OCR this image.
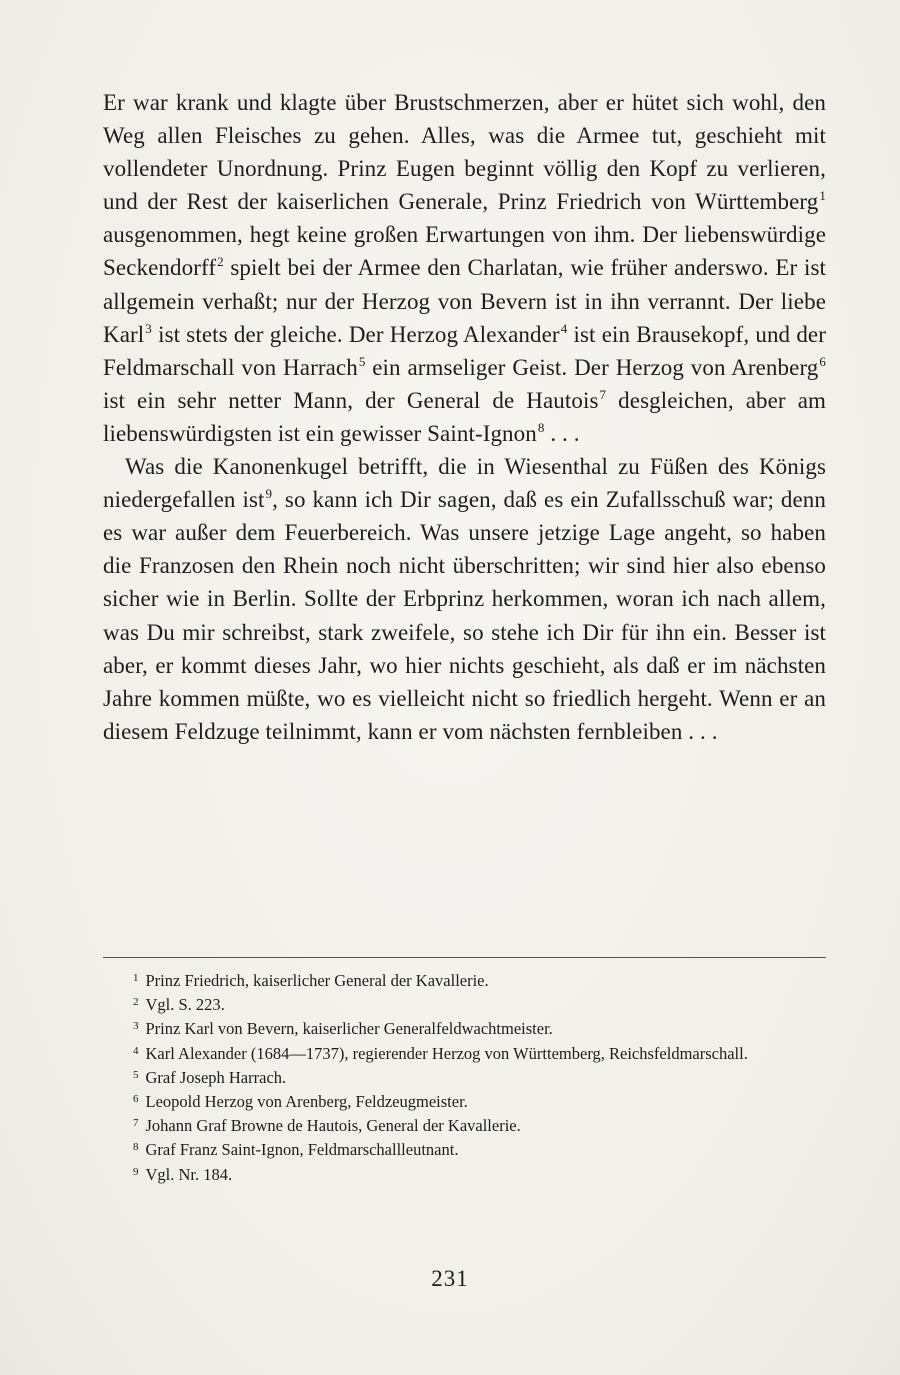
Er war krank und klagte über Brustschmerzen, aber er hütet sich wohl, den Weg allen Fleisches zu gehen. Alles, was die Armee tut, geschieht mit vollendeter Unordnung. Prinz Eugen beginnt völlig den Kopf zu verlieren, und der Rest der kaiserlichen Generale, Prinz Friedrich von Württemberg$^1$ ausgenommen, hegt keine großen Erwartungen von ihm. Der liebenswürdige Seckendorff$^2$ spielt bei der Armee den Charlatan, wie früher anderswo. Er ist allgemein verhaßt; nur der Herzog von Bevern ist in ihn verrannt. Der liebe Karl$^3$ ist stets der gleiche. Der Herzog Alexander$^4$ ist ein Brausekopf, und der Feldmarschall von Harrach$^5$ ein armseliger Geist. Der Herzog von Arenberg$^6$ ist ein sehr netter Mann, der General de Hautois$^7$ desgleichen, aber am liebenswürdigsten ist ein gewisser Saint-Ignon$^8$ . . .

Was die Kanonenkugel betrifft, die in Wiesenthal zu Füßen des Königs niedergefallen ist$^9$, so kann ich Dir sagen, daß es ein Zufallsschuß war; denn es war außer dem Feuerbereich. Was unsere jetzige Lage angeht, so haben die Franzosen den Rhein noch nicht überschritten; wir sind hier also ebenso sicher wie in Berlin. Sollte der Erbprinz herkommen, woran ich nach allem, was Du mir schreibst, stark zweifele, so stehe ich Dir für ihn ein. Besser ist aber, er kommt dieses Jahr, wo hier nichts geschieht, als daß er im nächsten Jahre kommen müßte, wo es vielleicht nicht so friedlich hergeht. Wenn er an diesem Feldzuge teilnimmt, kann er vom nächsten fernbleiben . . .

$^1$ Prinz Friedrich, kaiserlicher General der Kavallerie.
$^2$ Vgl. S. 223.
$^3$ Prinz Karl von Bevern, kaiserlicher Generalfeldwachtmeister.
$^4$ Karl Alexander (1684—1737), regierender Herzog von Württemberg, Reichsfeldmarschall.
$^5$ Graf Joseph Harrach.
$^6$ Leopold Herzog von Arenberg, Feldzeugmeister.
$^7$ Johann Graf Browne de Hautois, General der Kavallerie.
$^8$ Graf Franz Saint-Ignon, Feldmarschallleutnant.
$^9$ Vgl. Nr. 184.
231
